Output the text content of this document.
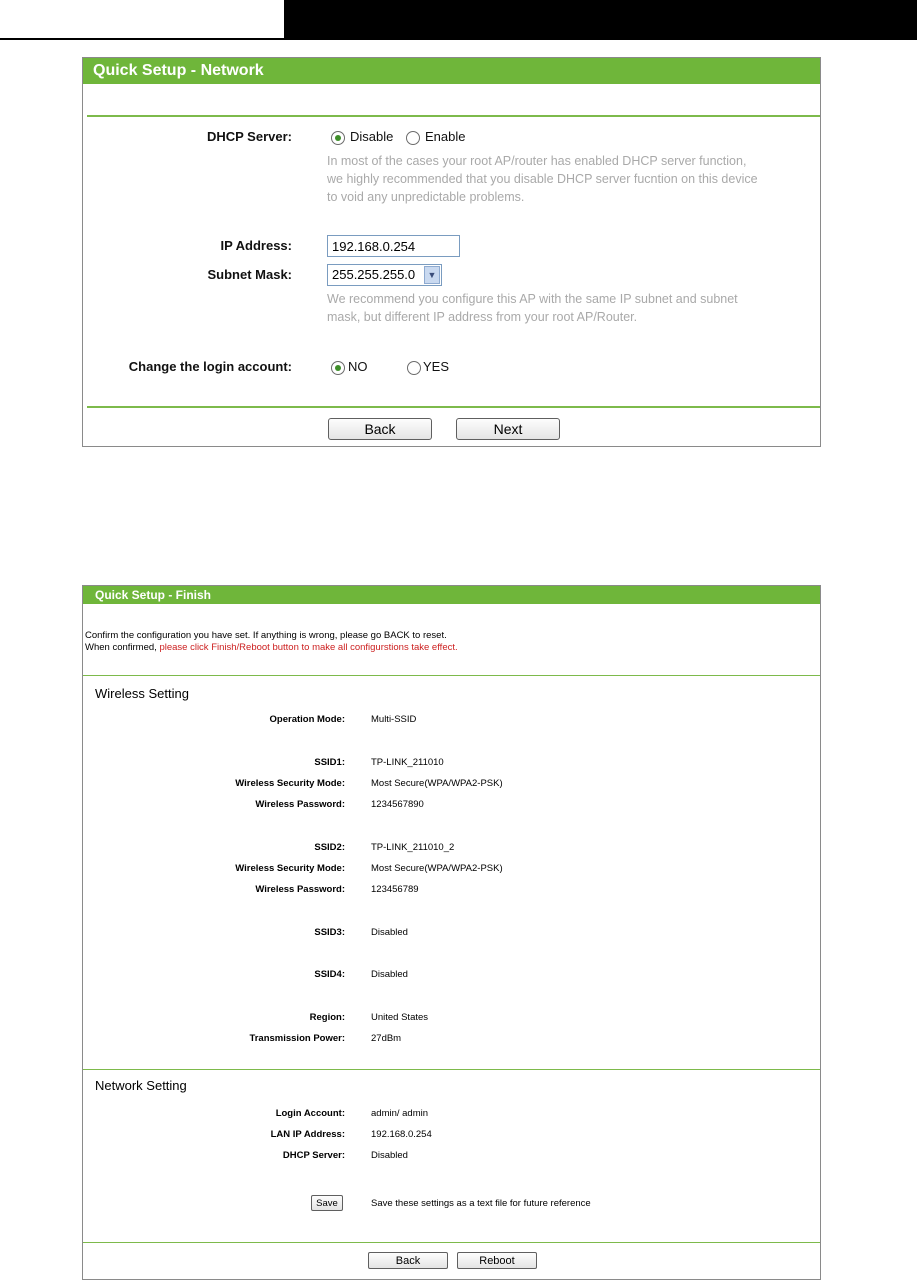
Quick Setup - Network
DHCP Server:	Disable Enable
In most of the cases your root AP/router has enabled DHCP server function,
we highly recommended that you disable DHCP server fucntion on this device
to void any unpredictable problems.
IP Address:
192.168.0.254
Subnet Mask:	255.255.255.0	▼
We recommend you configure this AP with the same IP subnet and subnet
mask, but different IP address from your root AP/Router.
Change the login account:	NO	YES
Back	Next
Quick Setup - Finish
Confirm the configuration you have set. If anything is wrong, please go BACK to reset.
When confirmed, please click Finish/Reboot button to make all configurstions take effect.
Wireless Setting
Operation Mode:	Multi-SSID
SSID1:	TP-LINK_211010
Wireless Security Mode:	Most Secure(WPA/WPA2-PSK)
Wireless Password:	1234567890
SSID2:	TP-LINK_211010_2
Wireless Security Mode:	Most Secure(WPA/WPA2-PSK)
Wireless Password:	123456789
SSID3:	Disabled
SSID4:	Disabled
Region:	United States
Transmission Power:	27dBm
Network Setting
Login Account:	admin/ admin
LAN IP Address:	192.168.0.254
DHCP Server:	Disabled
Save	Save these settings as a text file for future reference
Back	Reboot
